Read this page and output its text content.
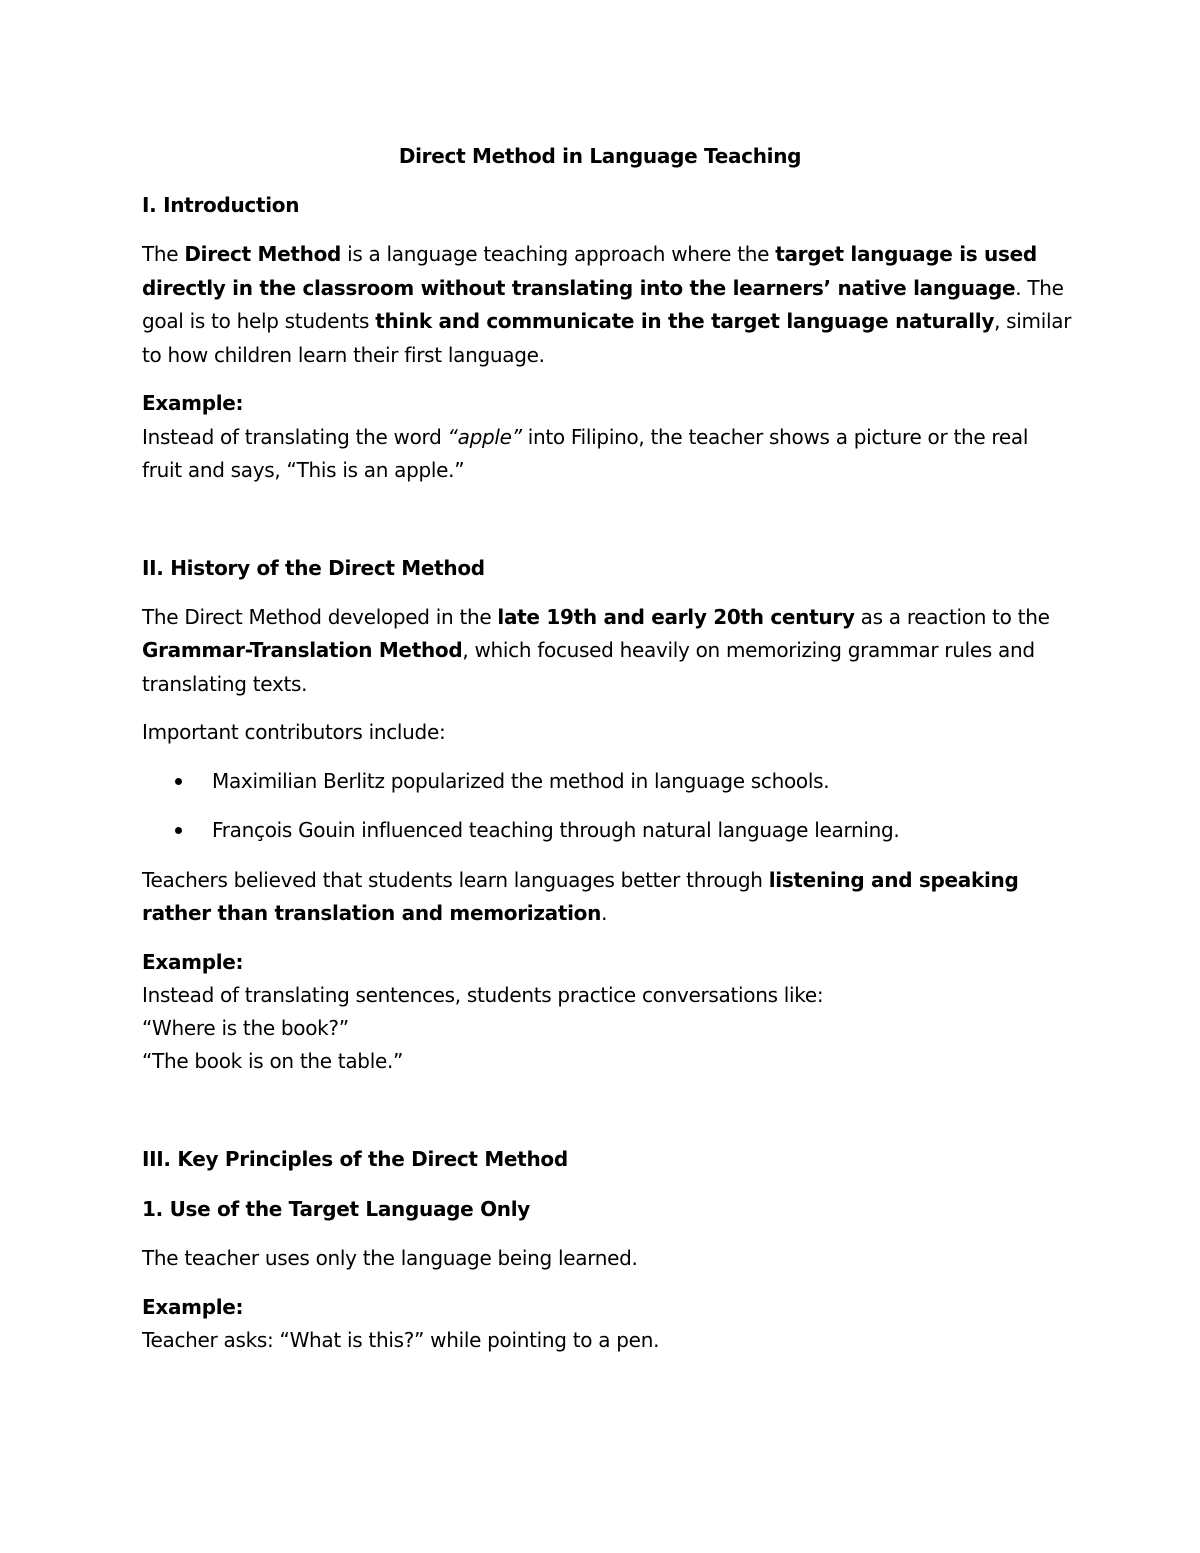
Direct Method in Language Teaching
I. Introduction
The Direct Method is a language teaching approach where the target language is used
directly in the classroom without translating into the learners’ native language. The
goal is to help students think and communicate in the target language naturally, similar
to how children learn their first language.
Example:
Instead of translating the word “apple” into Filipino, the teacher shows a picture or the real
fruit and says, “This is an apple.”
II. History of the Direct Method
The Direct Method developed in the late 19th and early 20th century as a reaction to the
Grammar-Translation Method, which focused heavily on memorizing grammar rules and
translating texts.
Important contributors include:
Maximilian Berlitz popularized the method in language schools.
François Gouin influenced teaching through natural language learning.
Teachers believed that students learn languages better through listening and speaking
rather than translation and memorization.
Example:
Instead of translating sentences, students practice conversations like:
“Where is the book?”
“The book is on the table.”
III. Key Principles of the Direct Method
1. Use of the Target Language Only
The teacher uses only the language being learned.
Example:
Teacher asks: “What is this?” while pointing to a pen.
